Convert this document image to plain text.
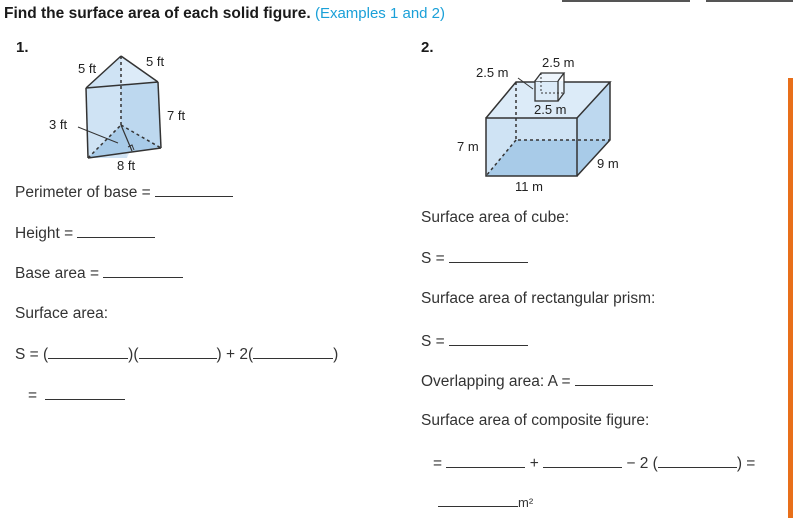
Find the surface area of each solid figure. (Examples 1 and 2)
1.
5 ft	5 ft
7 ft
3 ft
8 ft
Perimeter of base =
Height =
Base area =
Surface area:
S = (	)(	) + 2(	)
=
2.
2.5 m
2.5 m
2.5 m
7 m
9 m
11 m
Surface area of cube:
S =
Surface area of rectangular prism:
S =
Overlapping area: A =
Surface area of composite figure:
=	+	− 2 (	) =
m²
